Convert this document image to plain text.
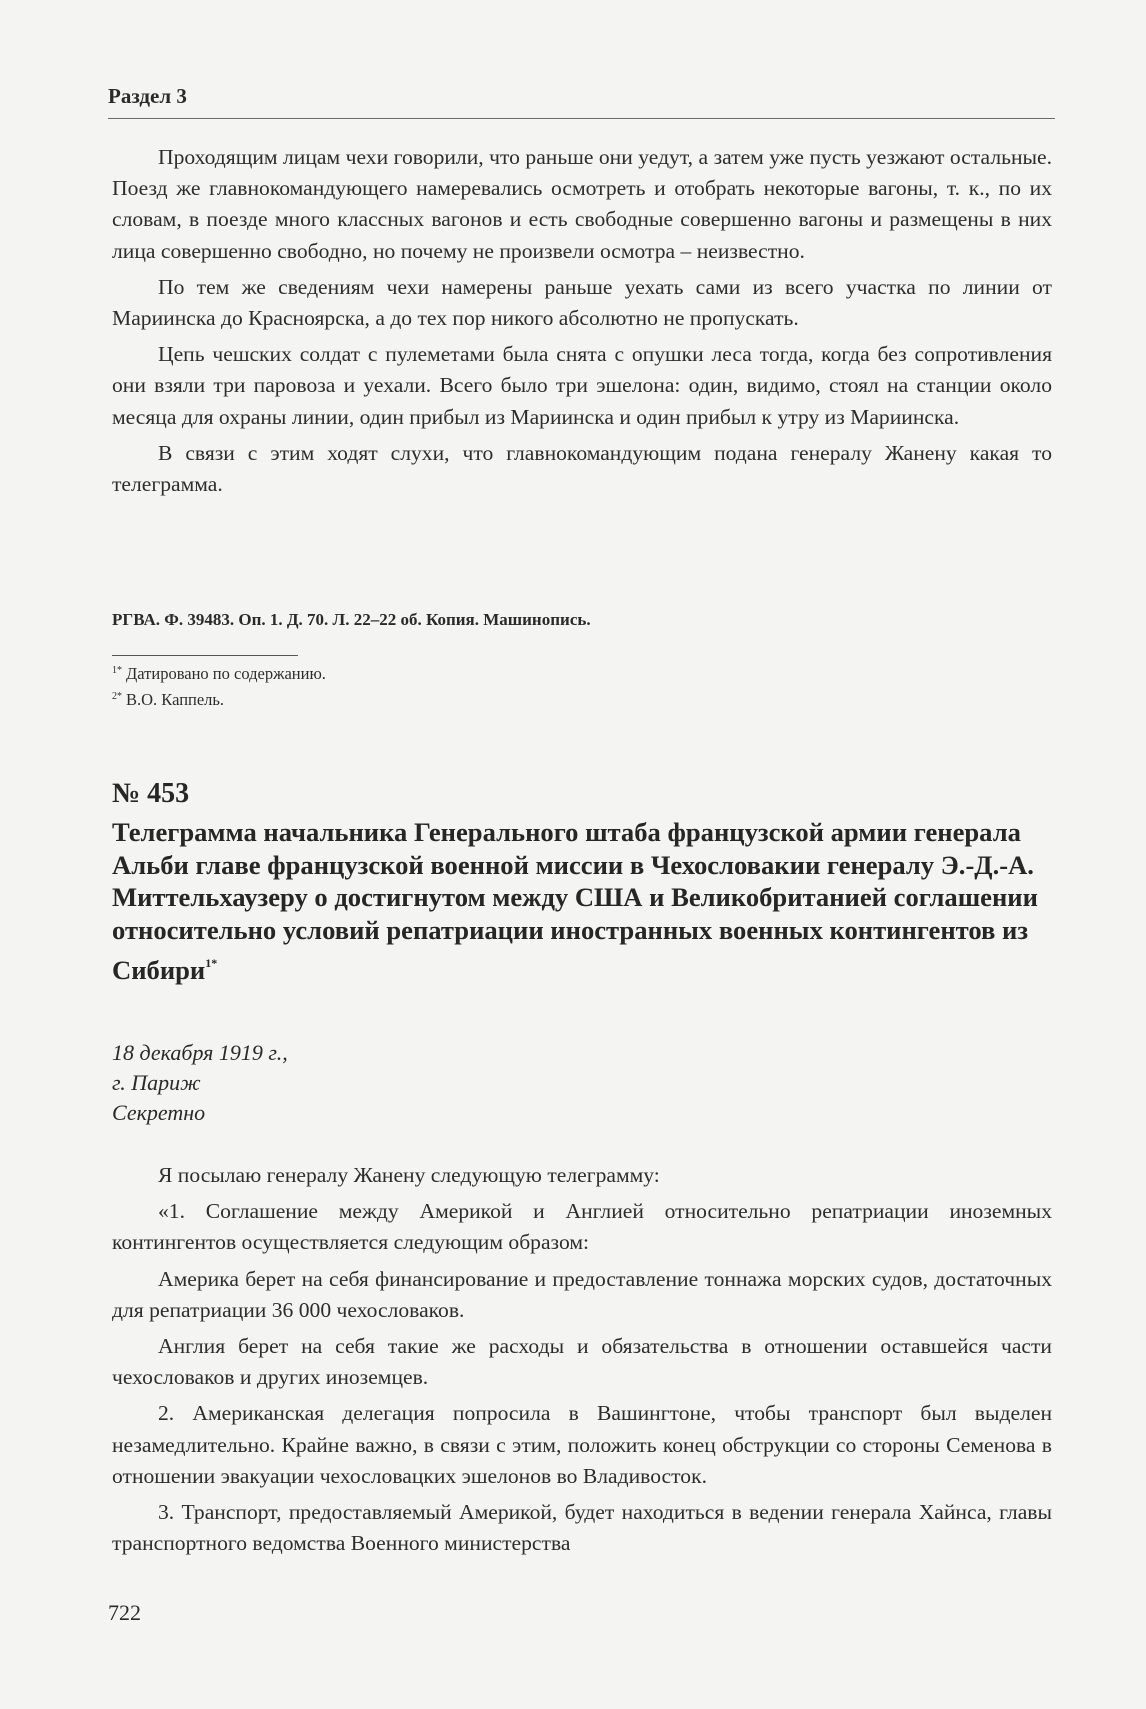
Раздел 3

Проходящим лицам чехи говорили, что раньше они уедут, а затем уже пусть уезжают остальные. Поезд же главнокомандующего намеревались осмотреть и отобрать некоторые вагоны, т. к., по их словам, в поезде много классных вагонов и есть свободные совершенно вагоны и размещены в них лица совершенно свободно, но почему не произвели осмотра – неизвестно.

По тем же сведениям чехи намерены раньше уехать сами из всего участка по линии от Мариинска до Красноярска, а до тех пор никого абсолютно не пропускать.

Цепь чешских солдат с пулеметами была снята с опушки леса тогда, когда без сопротивления они взяли три паровоза и уехали. Всего было три эшелона: один, видимо, стоял на станции около месяца для охраны линии, один прибыл из Мариинска и один прибыл к утру из Мариинска.

В связи с этим ходят слухи, что главнокомандующим подана генералу Жанену какая то телеграмма.

РГВА. Ф. 39483. Оп. 1. Д. 70. Л. 22–22 об. Копия. Машинопись.
$^{1*}$ Датировано по содержанию.
$^{2*}$ В.О. Каппель.
№ 453
Телеграмма начальника Генерального штаба французской армии генерала Альби главе французской военной миссии в Чехословакии генералу Э.-Д.-А. Миттельхаузеру о достигнутом между США и Великобританией соглашении относительно условий репатриации иностранных военных контингентов из Сибири$^{1*}$
18 декабря 1919 г.,
г. Париж
Секретно

Я посылаю генералу Жанену следующую телеграмму:

«1. Соглашение между Америкой и Англией относительно репатриации иноземных контингентов осуществляется следующим образом:

Америка берет на себя финансирование и предоставление тоннажа морских судов, достаточных для репатриации 36 000 чехословаков.

Англия берет на себя такие же расходы и обязательства в отношении оставшейся части чехословаков и других иноземцев.

2. Американская делегация попросила в Вашингтоне, чтобы транспорт был выделен незамедлительно. Крайне важно, в связи с этим, положить конец обструкции со стороны Семенова в отношении эвакуации чехословацких эшелонов во Владивосток.

3. Транспорт, предоставляемый Америкой, будет находиться в ведении генерала Хайнса, главы транспортного ведомства Военного министерства

722
